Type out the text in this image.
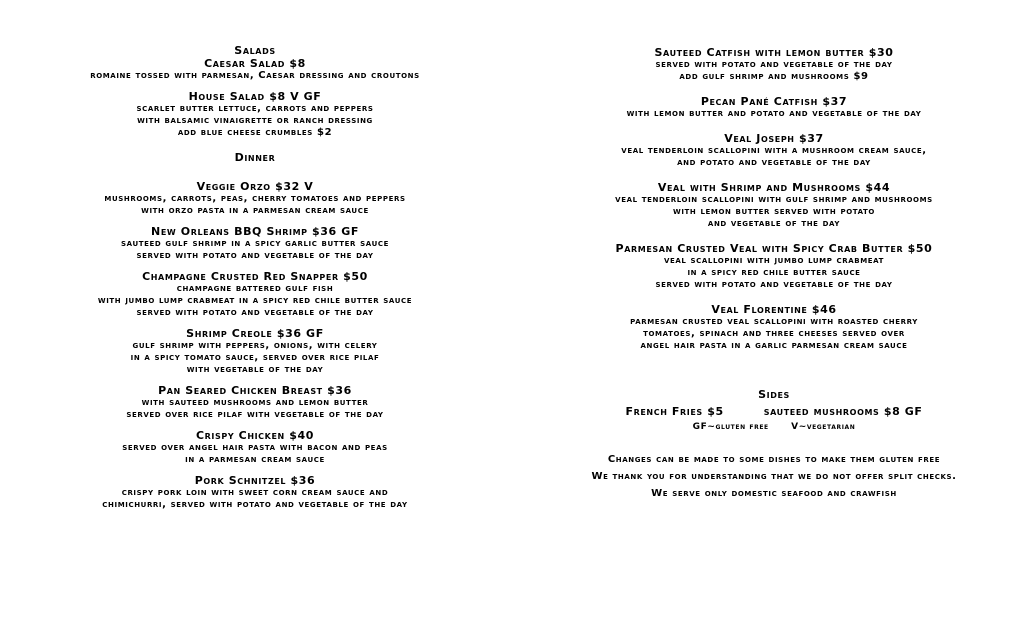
Salads
Caesar Salad $8
romaine tossed with parmesan, Caesar dressing and croutons
House Salad $8 V GF
scarlet butter lettuce, carrots and peppers
with balsamic vinaigrette or ranch dressing
add blue cheese crumbles $2
Dinner
Veggie Orzo $32 V
mushrooms, carrots, peas, cherry tomatoes and peppers
with orzo pasta in a parmesan cream sauce
New Orleans BBQ Shrimp $36 GF
sauteed gulf shrimp in a spicy garlic butter sauce
served with potato and vegetable of the day
Champagne Crusted Red Snapper $50
champagne battered gulf fish
with jumbo lump crabmeat in a spicy red chile butter sauce
served with potato and vegetable of the day
Shrimp Creole $36 GF
gulf shrimp with peppers, onions, with celery
in a spicy tomato sauce, served over rice pilaf
with vegetable of the day
Pan Seared Chicken Breast $36
with sauteed mushrooms and lemon butter
served over rice pilaf with vegetable of the day
Crispy Chicken $40
served over angel hair pasta with bacon and peas
in a parmesan cream sauce
Pork Schnitzel $36
crispy pork loin with sweet corn cream sauce and
chimichurri, served with potato and vegetable of the day
Sauteed Catfish with lemon butter $30
served with potato and vegetable of the day
add gulf shrimp and mushrooms $9
Pecan Pané Catfish $37
with lemon butter and potato and vegetable of the day
Veal Joseph $37
veal tenderloin scallopini with a mushroom cream sauce,
and potato and vegetable of the day
Veal with Shrimp and Mushrooms $44
veal tenderloin scallopini with gulf shrimp and mushrooms
with lemon butter served with potato
and vegetable of the day
Parmesan Crusted Veal with Spicy Crab Butter $50
veal scallopini with jumbo lump crabmeat
in a spicy red chile butter sauce
served with potato and vegetable of the day
Veal Florentine $46
parmesan crusted veal scallopini with roasted cherry
tomatoes, spinach and three cheeses served over
angel hair pasta in a garlic parmesan cream sauce
Sides
French Fries $5	sauteed mushrooms $8 GF
GF~gluten free      V~vegetarian
Changes can be made to some dishes to make them gluten free
We thank you for understanding that we do not offer split checks.
We serve only domestic seafood and crawfish
